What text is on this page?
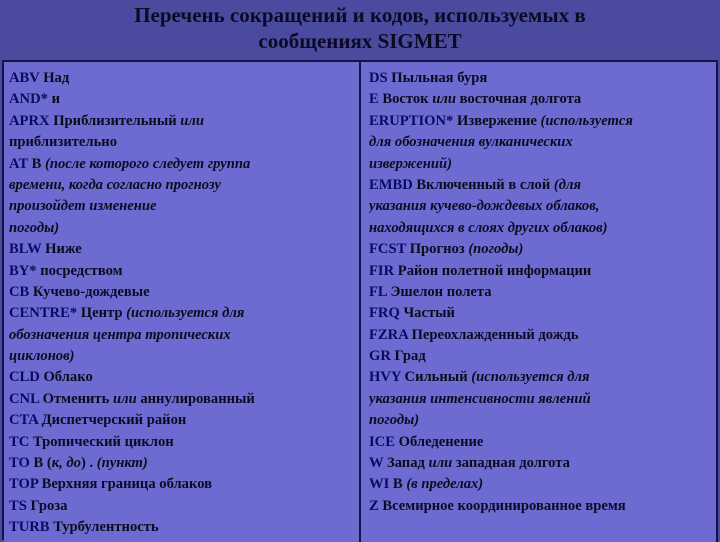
Перечень сокращений и кодов, используемых в
сообщениях SIGMET
ABV Над
AND* и
APRX Приблизительный или
приблизительно
AT В (после которого следует группа
времени, когда согласно прогнозу
произойдет изменение
погоды)
BLW Ниже
BY* посредством
CB Кучево-дождевые
CENTRE* Центр (используется для
обозначения центра тропических
циклонов)
CLD Облако
CNL Отменить или аннулированный
CTA Диспетчерский район
TC Тропический циклон
TO В (к, до) . (пункт)
TOP Верхняя граница облаков
TS Гроза
TURB Турбулентность
DS Пыльная буря
E Восток или восточная долгота
ERUPTION* Извержение (используется
для обозначения вулканических
извержений)
EMBD Включенный в слой (для
указания кучево-дождевых облаков,
находящихся в слоях других облаков)
FCST Прогноз (погоды)
FIR Район полетной информации
FL Эшелон полета
FRQ Частый
FZRA Переохлажденный дождь
GR Град
HVY Сильный (используется для
указания интенсивности явлений
погоды)
ICE Обледенение
W Запад или западная долгота
WI В (в пределах)
Z Всемирное координированное время
